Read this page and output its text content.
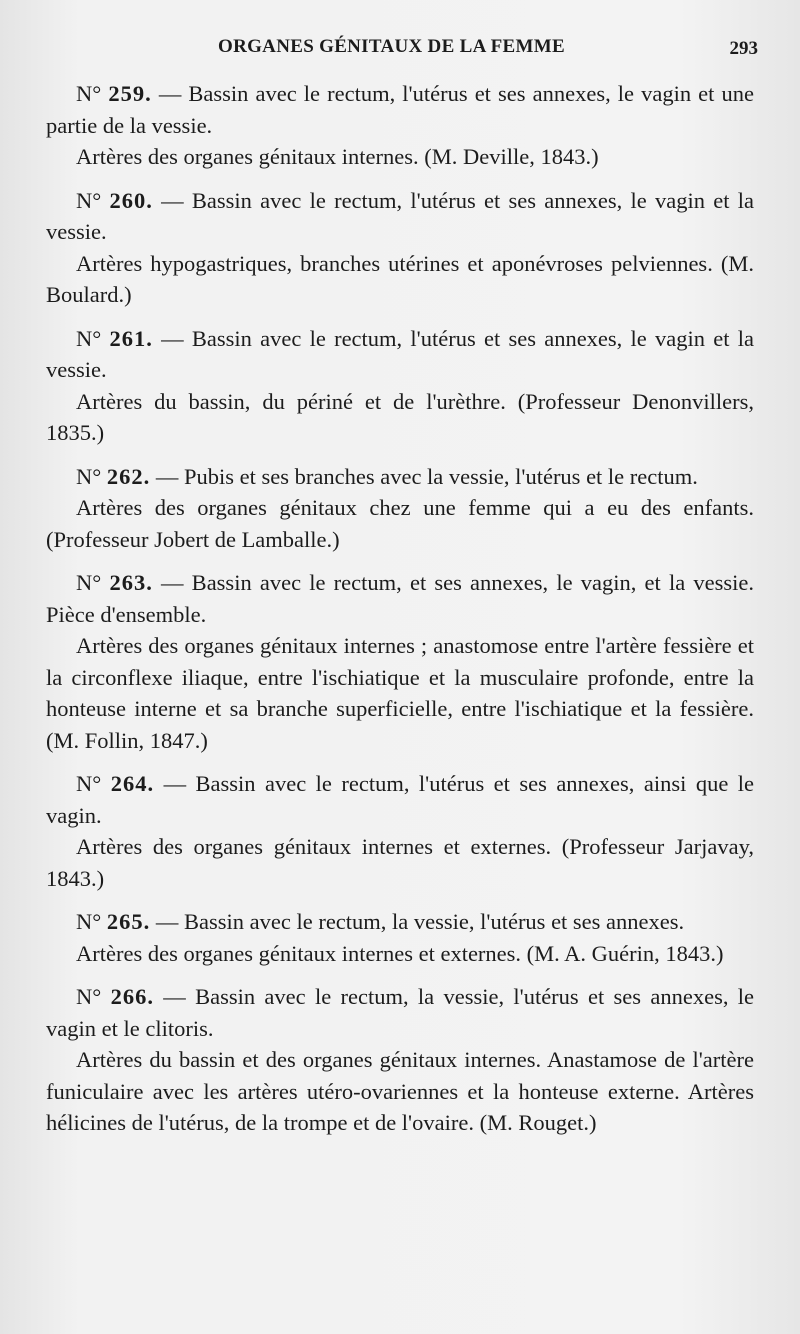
ORGANES GÉNITAUX DE LA FEMME	293

N° 259. — Bassin avec le rectum, l'utérus et ses annexes, le vagin et une partie de la vessie.

Artères des organes génitaux internes. (M. Deville, 1843.)

N° 260. — Bassin avec le rectum, l'utérus et ses annexes, le vagin et la vessie.

Artères hypogastriques, branches utérines et aponévroses pelviennes. (M. Boulard.)

N° 261. — Bassin avec le rectum, l'utérus et ses annexes, le vagin et la vessie.

Artères du bassin, du périné et de l'urèthre. (Professeur Denonvillers, 1835.)

N° 262. — Pubis et ses branches avec la vessie, l'utérus et le rectum.

Artères des organes génitaux chez une femme qui a eu des enfants. (Professeur Jobert de Lamballe.)

N° 263. — Bassin avec le rectum, et ses annexes, le vagin, et la vessie. Pièce d'ensemble.

Artères des organes génitaux internes ; anastomose entre l'artère fessière et la circonflexe iliaque, entre l'ischiatique et la musculaire profonde, entre la honteuse interne et sa branche superficielle, entre l'ischiatique et la fessière. (M. Follin, 1847.)

N° 264. — Bassin avec le rectum, l'utérus et ses annexes, ainsi que le vagin.

Artères des organes génitaux internes et externes. (Professeur Jarjavay, 1843.)

N° 265. — Bassin avec le rectum, la vessie, l'utérus et ses annexes.

Artères des organes génitaux internes et externes. (M. A. Guérin, 1843.)

N° 266. — Bassin avec le rectum, la vessie, l'utérus et ses annexes, le vagin et le clitoris.

Artères du bassin et des organes génitaux internes. Anastamose de l'artère funiculaire avec les artères utéro-ovariennes et la honteuse externe. Artères hélicines de l'utérus, de la trompe et de l'ovaire. (M. Rouget.)
